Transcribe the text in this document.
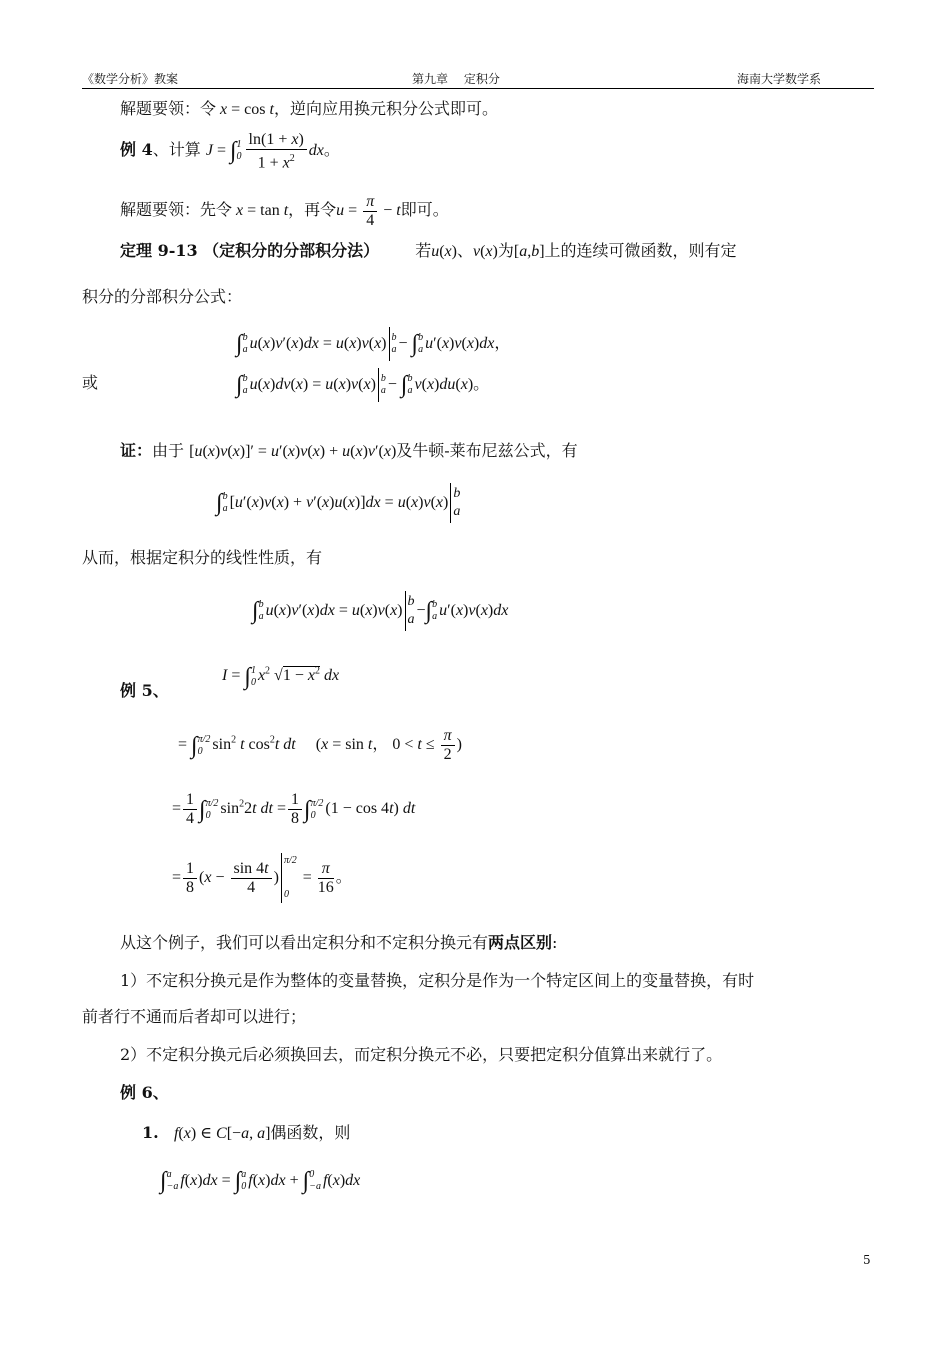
《数学分析》教案	第九章　 定积分	海南大学数学系
解题要领：令 x = cos t，逆向应用换元积分公式即可。
例 4、计算 J = ∫ 1
$0 \frac{\ln(1 + x)}{1 + x^2}$ dx。
解题要领：先令 x = tan t，再令$u = \frac{\pi}{4} - t$即可。
定理 9-13 （定积分的分部积分法） 若u(x)、v(x)为[a,b]上的连续可微函数，则有定
积分的分部积分公式：
∫ b
a u(x)v′(x)dx = u(x)v(x) b
a − ∫ b
a u′(x)v(x)dx，
或	∫ b
a u(x)dv(x) = u(x)v(x) b
a − ∫ b
a v(x)du(x)。
证：由于 [u(x)v(x)]′ = u′(x)v(x) + u(x)v′(x)及牛顿-莱布尼兹公式，有
∫ b
a [u′(x)v(x) + v′(x)u(x)]dx = u(x)v(x)
b
a
从而，根据定积分的线性性质，有
∫ b
a u(x)v′(x)dx = u(x)v(x)
b
a
−∫ b
a u′(x)v(x)dx
I = ∫ 1
0 $x^2$ $√1 - x^2$ dx
例 5、
= ∫ π/2
0 $\sin^2 t$ $\cos^2t$ dt     (x = sin t， $0 < t \le \frac{\pi}{2}$ )
= $\frac{1}{4}$ ∫ π/2
0 $\sin^22t$ dt = $\frac{1}{8}$ ∫ π/2
0 (1 − cos 4t) dt
= $\frac{1}{8} (x - \frac{\sin 4t}{4}$ )
π/2
0
= $\frac{\pi}{16}$ 。
从这个例子，我们可以看出定积分和不定积分换元有两点区别:
1）不定积分换元是作为整体的变量替换，定积分是作为一个特定区间上的变量替换，有时
前者行不通而后者却可以进行；
2）不定积分换元后必须换回去，而定积分换元不必，只要把定积分值算出来就行了。
例 6、
1. f(x) ∈ C[−a, a]偶函数，则
∫ a
−a f(x)dx = ∫ a
0 f(x)dx + ∫ 0
−a f(x)dx
5
